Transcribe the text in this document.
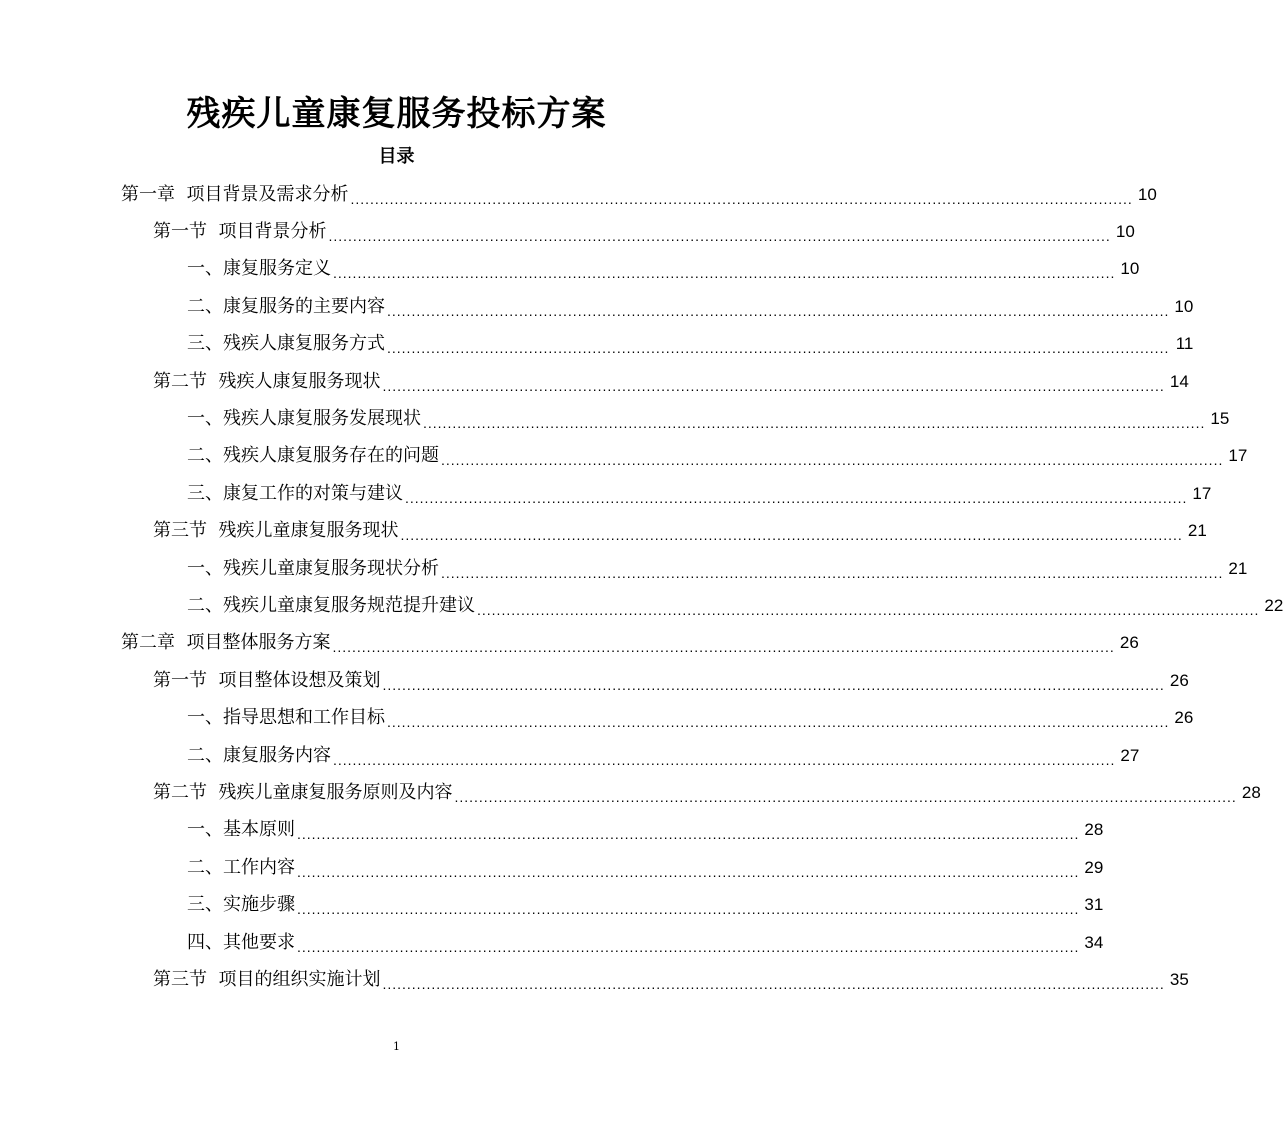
残疾儿童康复服务投标方案
目录
第一章  项目背景及需求分析 ................................................................................................................................................................ 10
第一节  项目背景分析 ................................................................................................................................................................ 10
一、康复服务定义 ................................................................................................................................................................ 10
二、康复服务的主要内容 ................................................................................................................................................................ 10
三、残疾人康复服务方式 ................................................................................................................................................................ 11
第二节  残疾人康复服务现状 ................................................................................................................................................................ 14
一、残疾人康复服务发展现状 ................................................................................................................................................................ 15
二、残疾人康复服务存在的问题 ................................................................................................................................................................ 17
三、康复工作的对策与建议 ................................................................................................................................................................ 17
第三节  残疾儿童康复服务现状 ................................................................................................................................................................ 21
一、残疾儿童康复服务现状分析 ................................................................................................................................................................ 21
二、残疾儿童康复服务规范提升建议 ................................................................................................................................................................ 22
第二章  项目整体服务方案 ................................................................................................................................................................ 26
第一节  项目整体设想及策划 ................................................................................................................................................................ 26
一、指导思想和工作目标 ................................................................................................................................................................ 26
二、康复服务内容 ................................................................................................................................................................ 27
第二节  残疾儿童康复服务原则及内容 ................................................................................................................................................................ 28
一、基本原则 ................................................................................................................................................................ 28
二、工作内容 ................................................................................................................................................................ 29
三、实施步骤 ................................................................................................................................................................ 31
四、其他要求 ................................................................................................................................................................ 34
第三节  项目的组织实施计划 ................................................................................................................................................................ 35
1
